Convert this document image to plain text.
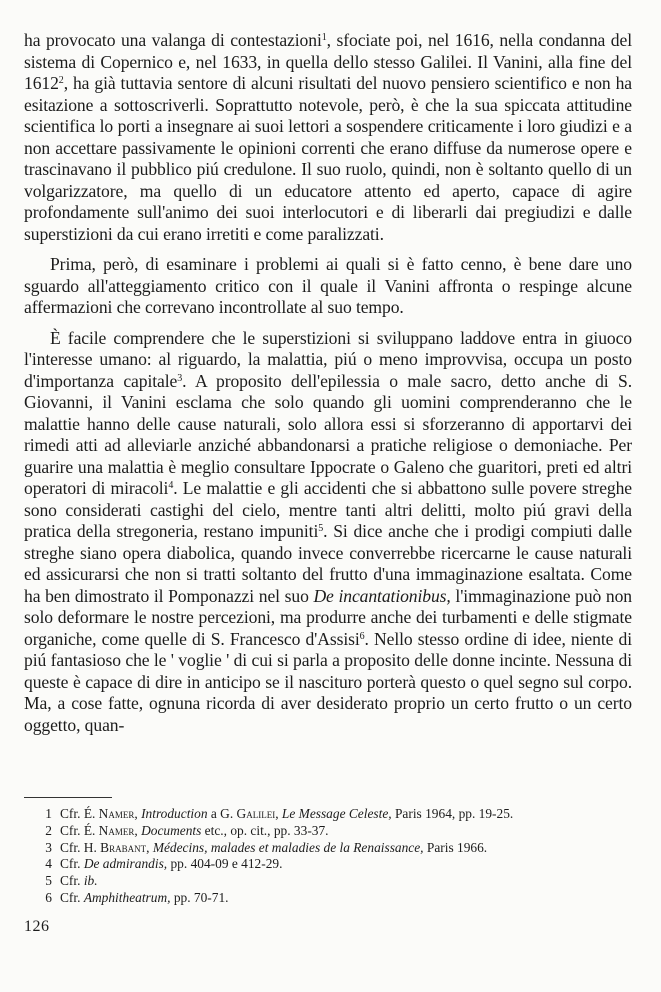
ha provocato una valanga di contestazioni$^1$, sfociate poi, nel 1616, nella condanna del sistema di Copernico e, nel 1633, in quella dello stesso Galilei. Il Vanini, alla fine del 1612$^2$, ha già tuttavia sentore di alcuni risultati del nuovo pensiero scientifico e non ha esitazione a sottoscriverli. Soprattutto notevole, però, è che la sua spiccata attitudine scientifica lo porti a insegnare ai suoi lettori a sospendere criticamente i loro giudizi e a non accettare passivamente le opinioni correnti che erano diffuse da numerose opere e trascinavano il pubblico piú credulone. Il suo ruolo, quindi, non è soltanto quello di un volgarizzatore, ma quello di un educatore attento ed aperto, capace di agire profondamente sull'animo dei suoi interlocutori e di liberarli dai pregiudizi e dalle superstizioni da cui erano irretiti e come paralizzati.

Prima, però, di esaminare i problemi ai quali si è fatto cenno, è bene dare uno sguardo all'atteggiamento critico con il quale il Vanini affronta o respinge alcune affermazioni che correvano incontrollate al suo tempo.

È facile comprendere che le superstizioni si sviluppano laddove entra in giuoco l'interesse umano: al riguardo, la malattia, piú o meno improvvisa, occupa un posto d'importanza capitale$^3$. A proposito dell'epilessia o male sacro, detto anche di S. Giovanni, il Vanini esclama che solo quando gli uomini comprenderanno che le malattie hanno delle cause naturali, solo allora essi si sforzeranno di apportarvi dei rimedi atti ad alleviarle anziché abbandonarsi a pratiche religiose o demoniache. Per guarire una malattia è meglio consultare Ippocrate o Galeno che guaritori, preti ed altri operatori di miracoli$^4$. Le malattie e gli accidenti che si abbattono sulle povere streghe sono considerati castighi del cielo, mentre tanti altri delitti, molto piú gravi della pratica della stregoneria, restano impuniti$^5$. Si dice anche che i prodigi compiuti dalle streghe siano opera diabolica, quando invece converrebbe ricercarne le cause naturali ed assicurarsi che non si tratti soltanto del frutto d'una immaginazione esaltata. Come ha ben dimostrato il Pomponazzi nel suo De incantationibus, l'immaginazione può non solo deformare le nostre percezioni, ma produrre anche dei turbamenti e delle stigmate organiche, come quelle di S. Francesco d'Assisi$^6$. Nello stesso ordine di idee, niente di piú fantasioso che le ' voglie ' di cui si parla a proposito delle donne incinte. Nessuna di queste è capace di dire in anticipo se il nascituro porterà questo o quel segno sul corpo. Ma, a cose fatte, ognuna ricorda di aver desiderato proprio un certo frutto o un certo oggetto, quan-

1 Cfr. É. Namer, Introduction a G. Galilei, Le Message Celeste, Paris 1964, pp. 19-25.
2 Cfr. É. Namer, Documents etc., op. cit., pp. 33-37.
3 Cfr. H. Brabant, Médecins, malades et maladies de la Renaissance, Paris 1966.
4 Cfr. De admirandis, pp. 404-09 e 412-29.
5 Cfr. ib.
6 Cfr. Amphitheatrum, pp. 70-71.
126
